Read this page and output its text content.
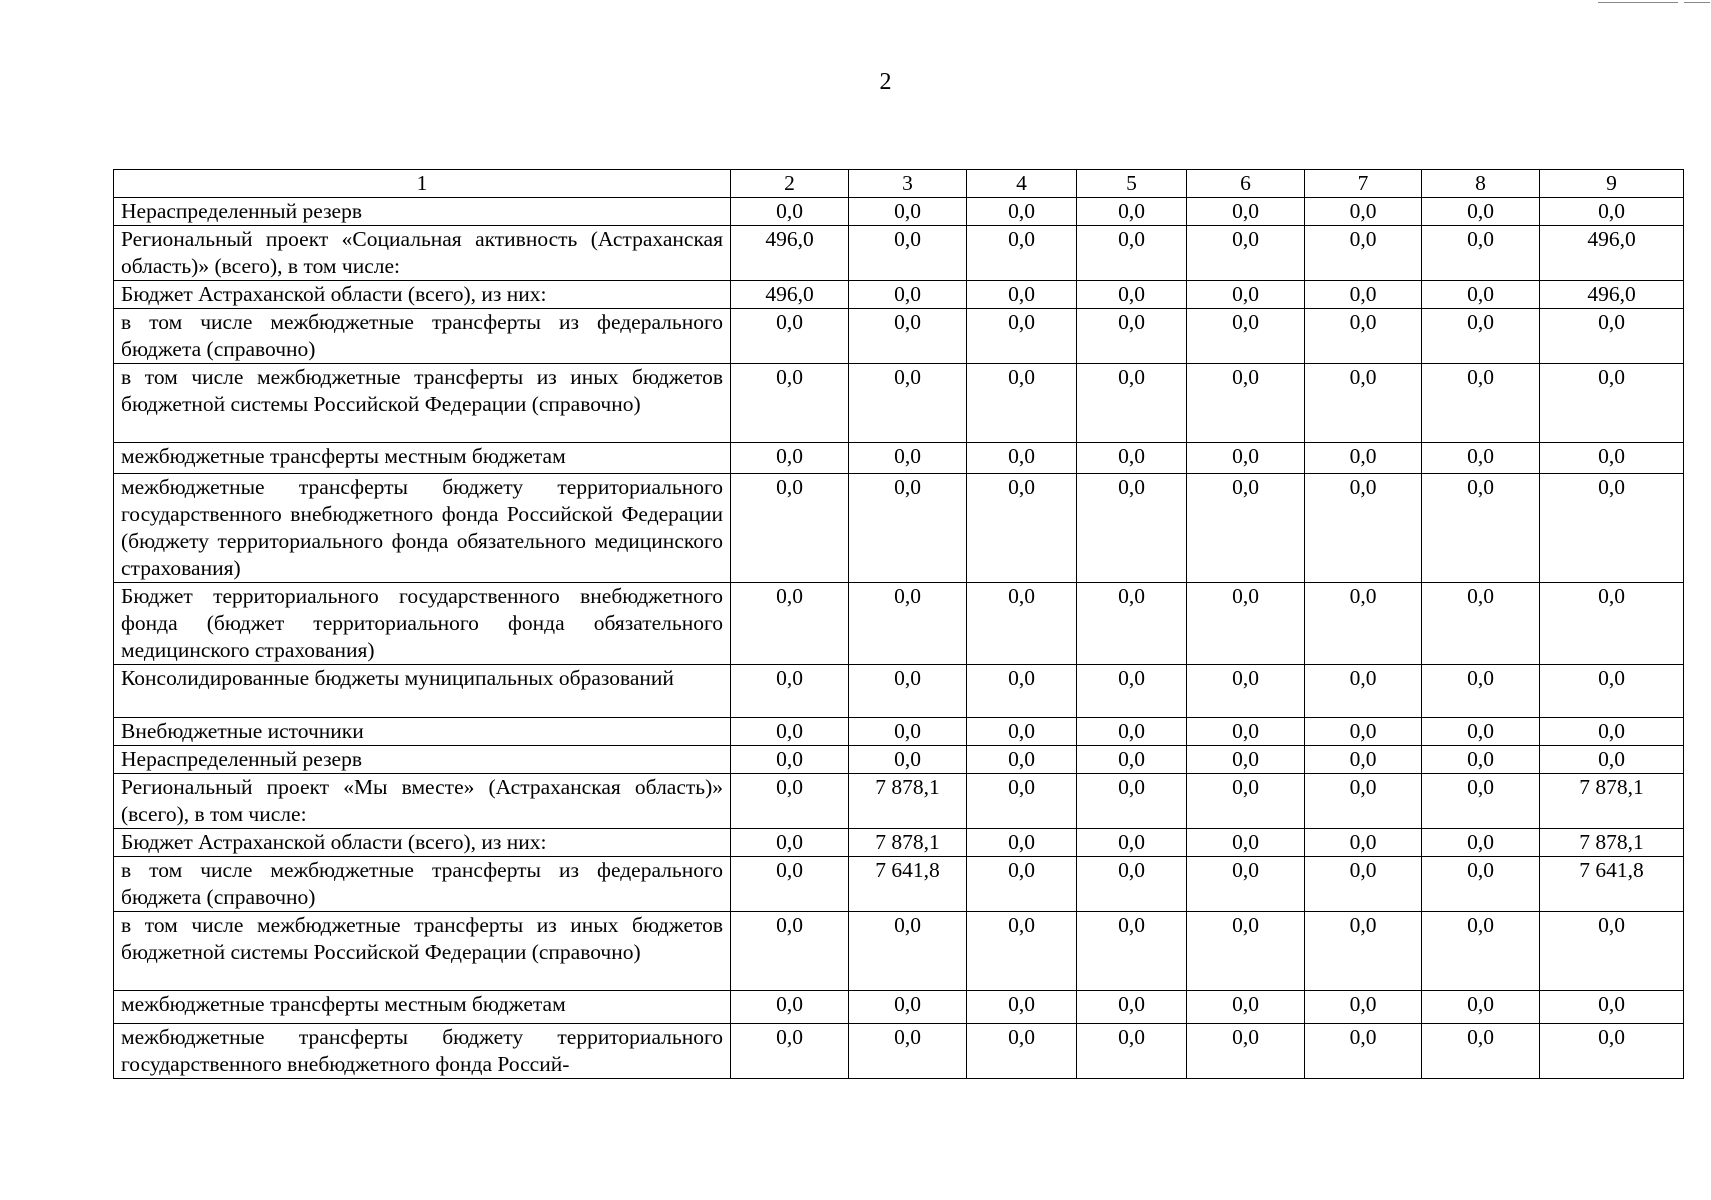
2
1	2	3	4	5	6	7	8	9
Нераспределенный резерв	0,0	0,0	0,0	0,0	0,0	0,0	0,0	0,0
Региональный проект «Социальная активность (Астраханская область)» (всего), в том числе:	496,0	0,0	0,0	0,0	0,0	0,0	0,0	496,0
Бюджет Астраханской области (всего), из них:	496,0	0,0	0,0	0,0	0,0	0,0	0,0	496,0
в том числе межбюджетные трансферты из федерального бюджета (справочно)	0,0	0,0	0,0	0,0	0,0	0,0	0,0	0,0
в том числе межбюджетные трансферты из иных бюджетов бюджетной системы Российской Федерации (справочно)	0,0	0,0	0,0	0,0	0,0	0,0	0,0	0,0
межбюджетные трансферты местным бюджетам	0,0	0,0	0,0	0,0	0,0	0,0	0,0	0,0
межбюджетные трансферты бюджету территориального государственного внебюджетного фонда Российской Федерации (бюджету территориального фонда обязательного медицинского страхования)	0,0	0,0	0,0	0,0	0,0	0,0	0,0	0,0
Бюджет территориального государственного внебюджетного фонда (бюджет территориального фонда обязательного медицинского страхования)	0,0	0,0	0,0	0,0	0,0	0,0	0,0	0,0
Консолидированные бюджеты муниципальных образований	0,0	0,0	0,0	0,0	0,0	0,0	0,0	0,0
Внебюджетные источники	0,0	0,0	0,0	0,0	0,0	0,0	0,0	0,0
Нераспределенный резерв	0,0	0,0	0,0	0,0	0,0	0,0	0,0	0,0
Региональный проект «Мы вместе» (Астраханская область)» (всего), в том числе:	0,0	7 878,1	0,0	0,0	0,0	0,0	0,0	7 878,1
Бюджет Астраханской области (всего), из них:	0,0	7 878,1	0,0	0,0	0,0	0,0	0,0	7 878,1
в том числе межбюджетные трансферты из федерального бюджета (справочно)	0,0	7 641,8	0,0	0,0	0,0	0,0	0,0	7 641,8
в том числе межбюджетные трансферты из иных бюджетов бюджетной системы Российской Федерации (справочно)	0,0	0,0	0,0	0,0	0,0	0,0	0,0	0,0
межбюджетные трансферты местным бюджетам	0,0	0,0	0,0	0,0	0,0	0,0	0,0	0,0
межбюджетные трансферты бюджету территориального государственного внебюджетного фонда Россий-	0,0	0,0	0,0	0,0	0,0	0,0	0,0	0,0
